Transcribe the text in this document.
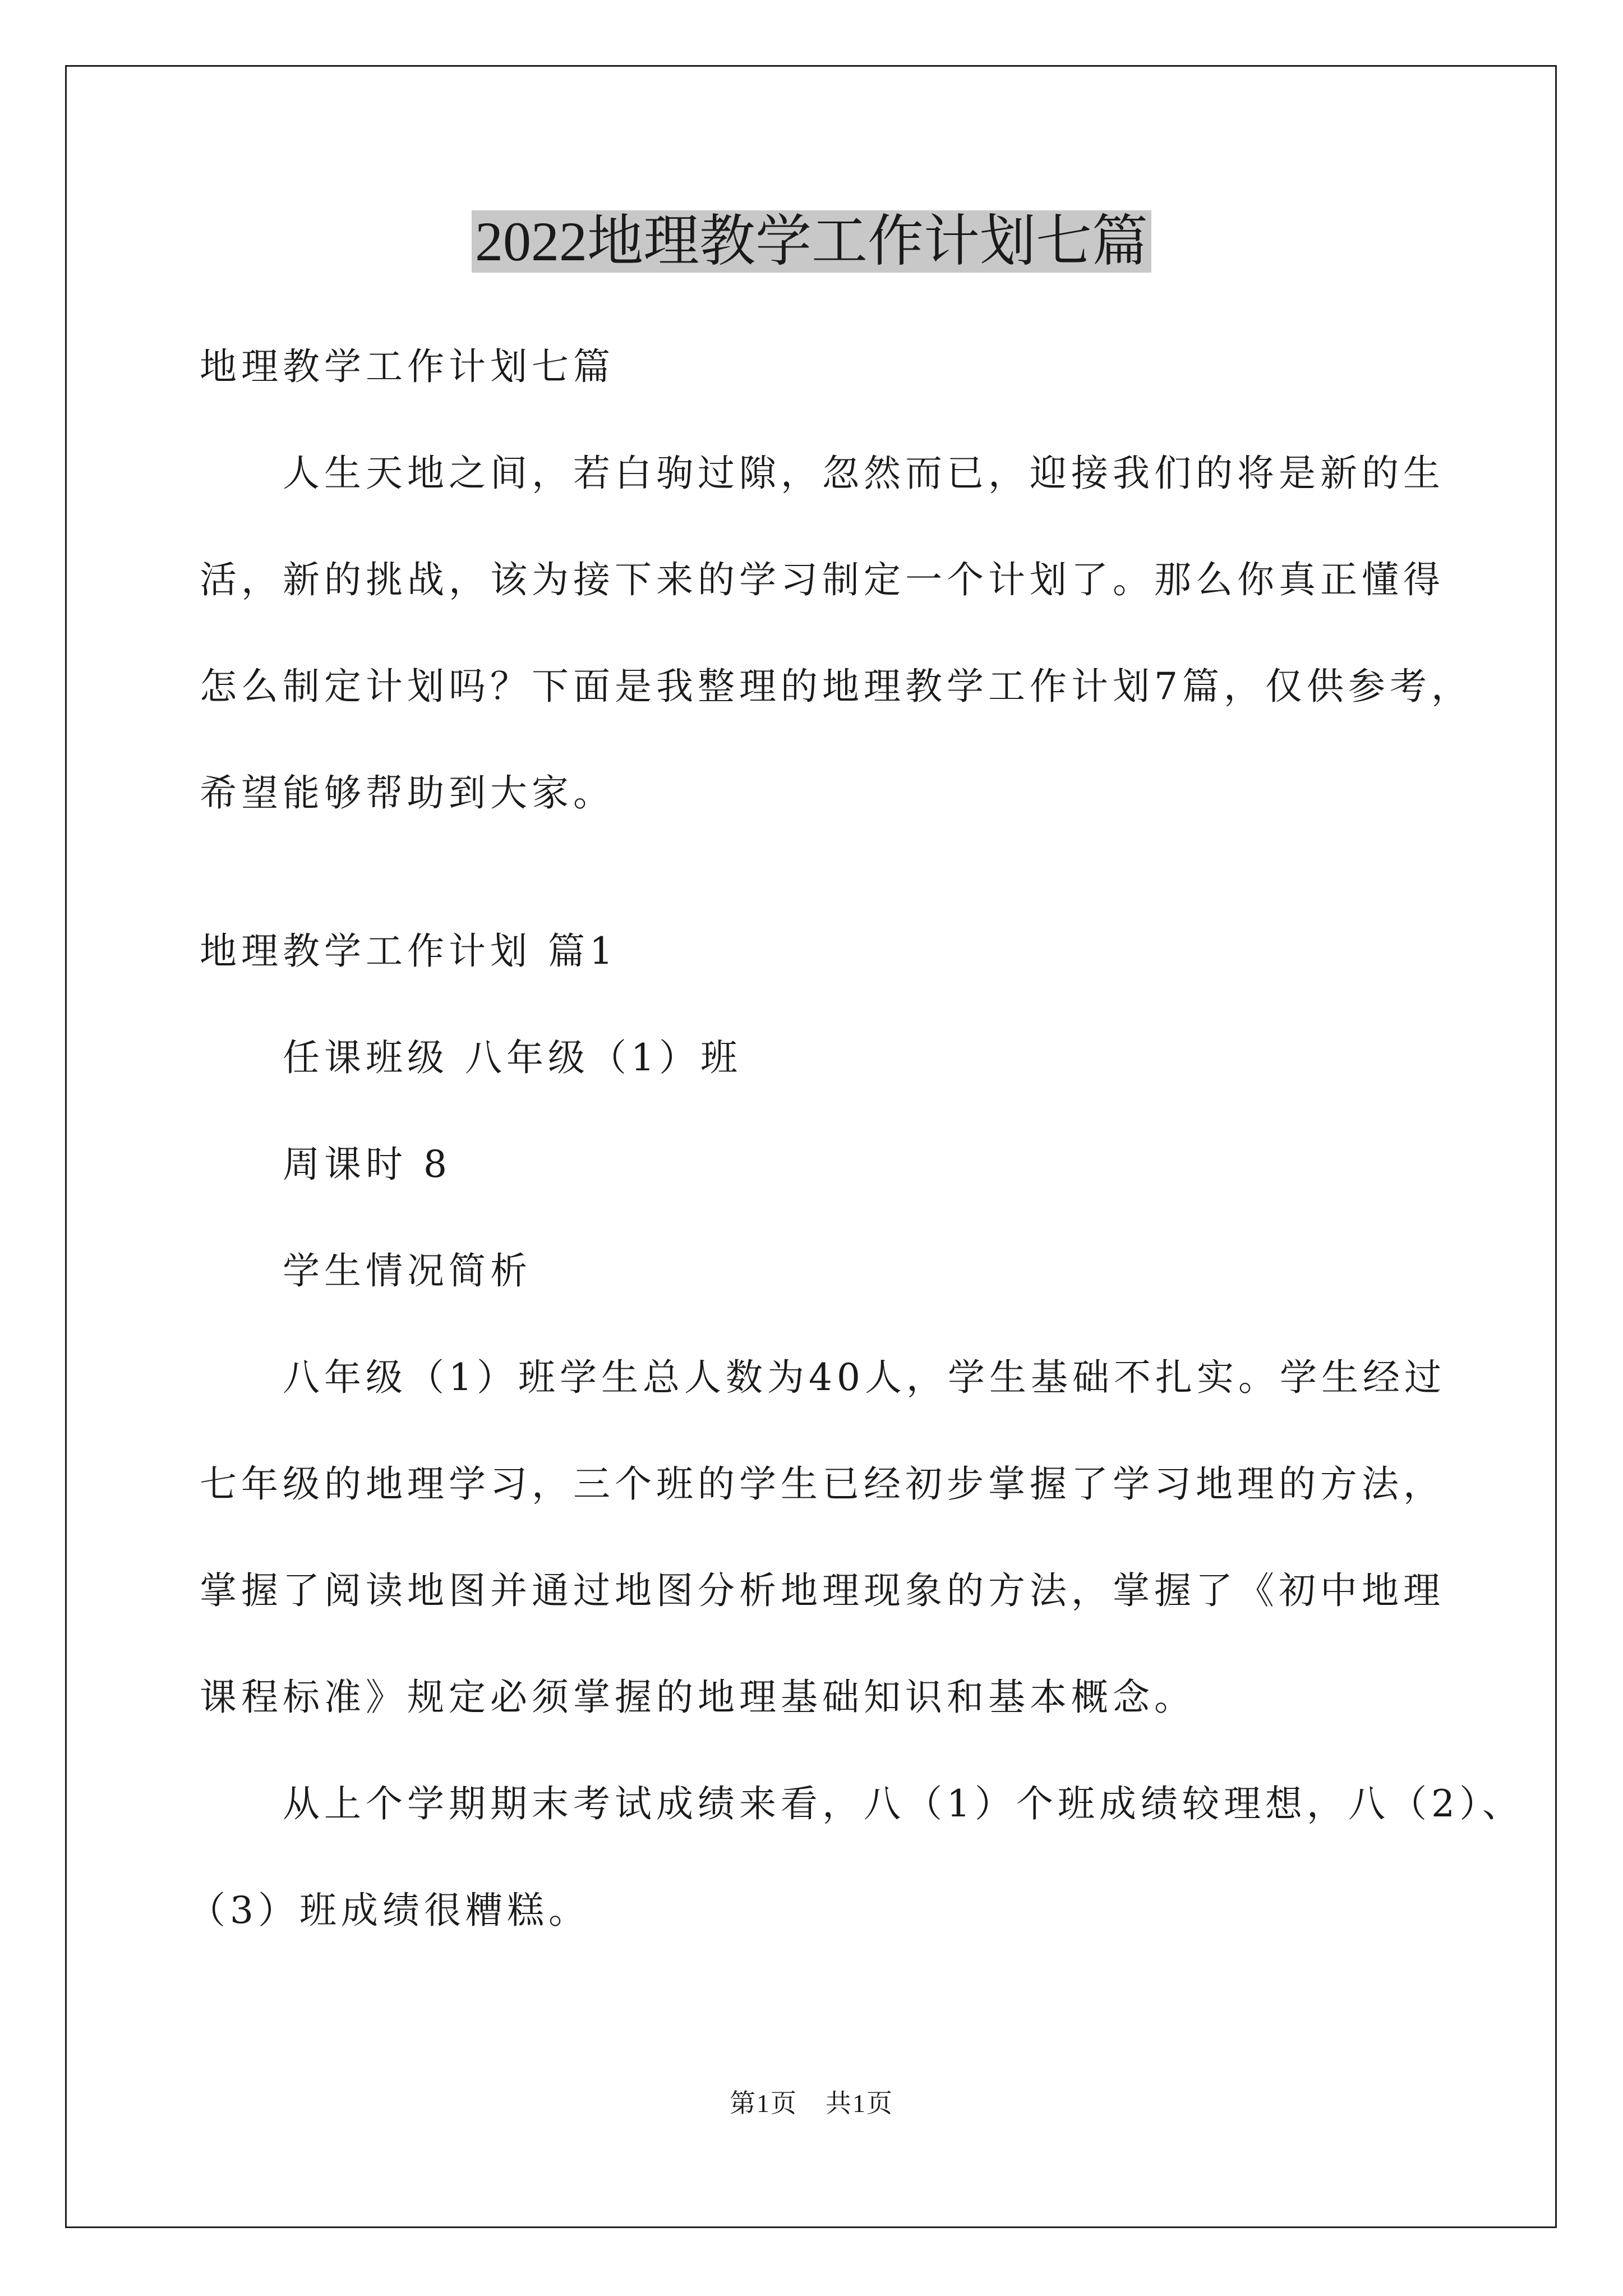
2022地理教学工作计划七篇

地理教学工作计划七篇

人生天地之间，若白驹过隙，忽然而已，迎接我们的将是新的生

活，新的挑战，该为接下来的学习制定一个计划了。那么你真正懂得

怎么制定计划吗？下面是我整理的地理教学工作计划7篇，仅供参考，

希望能够帮助到大家。

地理教学工作计划 篇1

任课班级 八年级（1）班

周课时 8

学生情况简析

八年级（1）班学生总人数为40人，学生基础不扎实。学生经过

七年级的地理学习，三个班的学生已经初步掌握了学习地理的方法，

掌握了阅读地图并通过地图分析地理现象的方法，掌握了《初中地理

课程标准》规定必须掌握的地理基础知识和基本概念。

从上个学期期末考试成绩来看，八（1）个班成绩较理想，八（2）、

（3）班成绩很糟糕。

第1页 共1页
